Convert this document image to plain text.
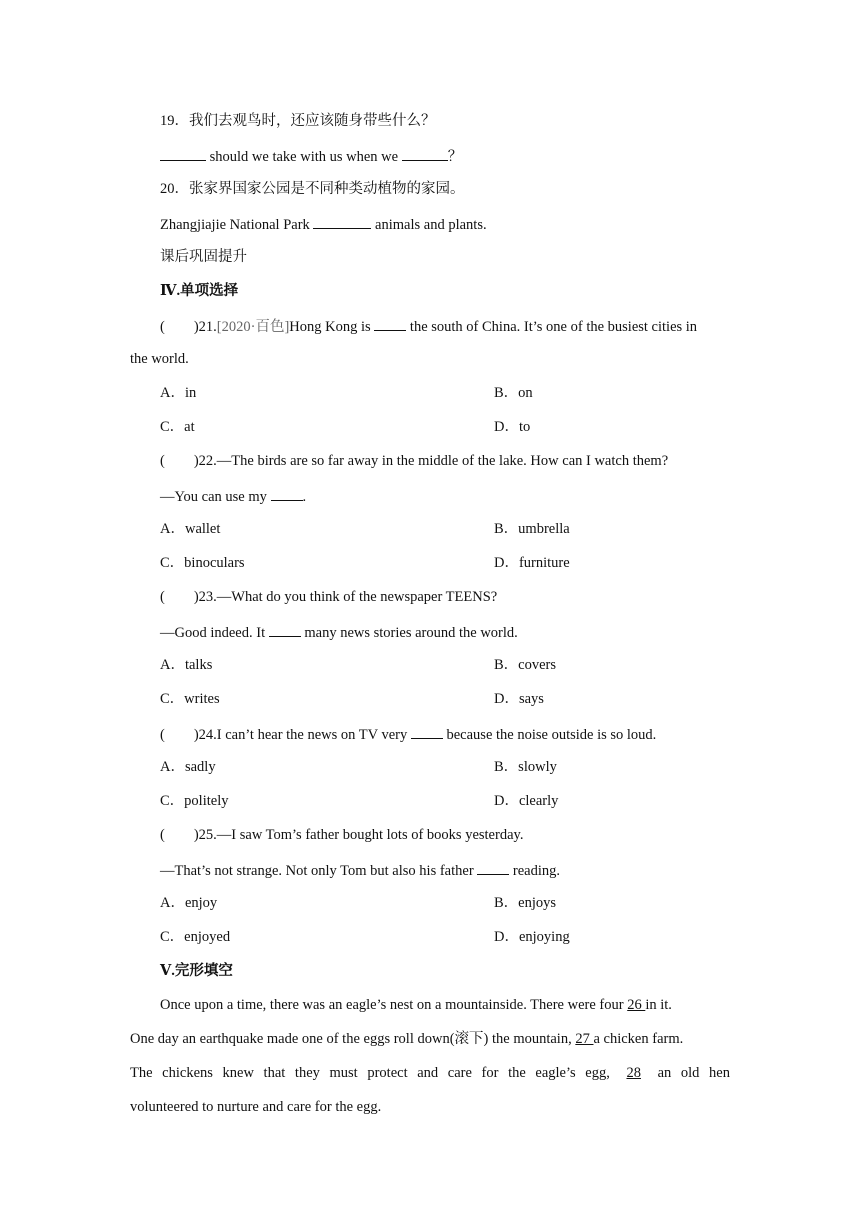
19．我们去观鸟时，还应该随身带些什么？
should we take with us when we	？
20．张家界国家公园是不同种类动植物的家园。
Zhangjiajie National Park	animals and plants.
课后巩固提升
Ⅳ.单项选择
(　　)21.[2020·百色]Hong Kong is  the south of China. It’s one of the busiest cities in
the world.
A．in	B．on
C．at	D．to
(　　)22.—The birds are so far away in the middle of the lake. How can I watch them?
—You can use my .
A．wallet	B．umbrella
C．binoculars	D．furniture
(　　)23.—What do you think of the newspaper TEENS?
—Good indeed. It  many news stories around the world.
A．talks	B．covers
C．writes	D．says
(　　)24.I can’t hear the news on TV very  because the noise outside is so loud.
A．sadly	B．slowly
C．politely	D．clearly
(　　)25.—I saw Tom’s father bought lots of books yesterday.
—That’s not strange. Not only Tom but also his father  reading.
A．enjoy	B．enjoys
C．enjoyed	D．enjoying
Ⅴ.完形填空
Once upon a time, there was an eagle’s nest on a mountainside. There were four 26 in it.
One day an earthquake made one of the eggs roll down(滚下) the mountain, 27 a chicken farm.
The chickens knew that they must protect and care for the eagle’s egg, 28 an old hen
volunteered to nurture and care for the egg.
